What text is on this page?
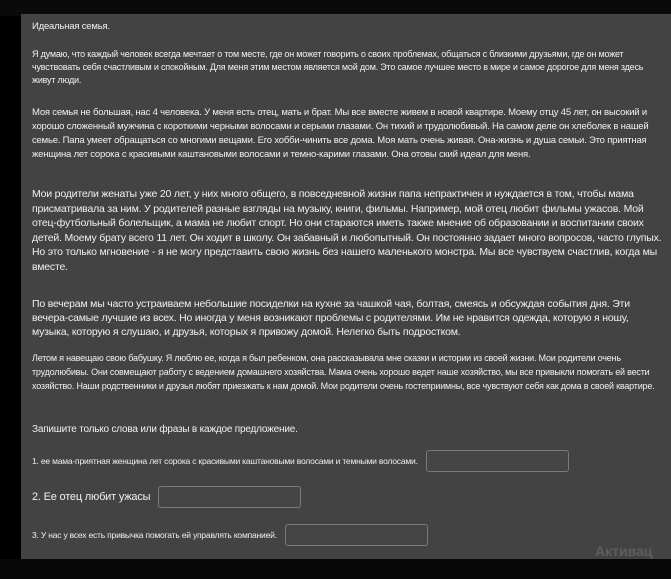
Идеальная семья.

Я думаю, что каждый человек всегда мечтает о том месте, где он может говорить о своих проблемах, общаться с близкими друзьями, где он может чувствовать себя счастливым и спокойным. Для меня этим местом является мой дом. Это самое лучшее место в мире и самое дорогое для меня здесь живут люди.

Моя семья не большая, нас 4 человека. У меня есть отец, мать и брат. Мы все вместе живем в новой квартире. Моему отцу 45 лет, он высокий и хорошо сложенный мужчина с короткими черными волосами и серыми глазами. Он тихий и трудолюбивый. На самом деле он хлеболек в нашей семье. Папа умеет обращаться со многими вещами. Его хобби-чинить все дома. Моя мать очень живая. Она-жизнь и душа семьи. Это приятная женщина лет сорока с красивыми каштановыми волосами и темно-карими глазами. Она отовы ский идеал для меня.

Мои родители женаты уже 20 лет, у них много общего, в повседневной жизни папа непрактичен и нуждается в том, чтобы мама присматривала за ним. У родителей разные взгляды на музыку, книги, фильмы. Например, мой отец любит фильмы ужасов. Мой отец-футбольный болельщик, а мама не любит спорт. Но они стараются иметь также мнение об образовании и воспитании своих детей. Моему брату всего 11 лет. Он ходит в школу. Он забавный и любопытный. Он постоянно задает много вопросов, часто глупых. Но это только мгновение - я не могу представить свою жизнь без нашего маленького монстра. Мы все чувствуем счастлив, когда мы вместе.

По вечерам мы часто устраиваем небольшие посиделки на кухне за чашкой чая, болтая, смеясь и обсуждая события дня. Эти вечера-самые лучшие из всех. Но иногда у меня возникают проблемы с родителями. Им не нравится одежда, которую я ношу, музыка, которую я слушаю, и друзья, которых я привожу домой. Нелегко быть подростком.

Летом я навещаю свою бабушку. Я люблю ее, когда я был ребенком, она рассказывала мне сказки и истории из своей жизни. Мои родители очень трудолюбивы. Они совмещают работу с ведением домашнего хозяйства. Мама очень хорошо ведет наше хозяйство, мы все привыкли помогать ей вести хозяйство. Наши родственники и друзья любят приезжать к нам домой. Мои родители очень гостеприимны, все чувствуют себя как дома в своей квартире.

Запишите только слова или фразы в каждое предложение.

1. ее мама-приятная женщина лет сорока с красивыми каштановыми волосами и темными волосами.
2. Ее отец любит ужасы
3. У нас у всех есть привычка помогать ей управлять компанией.
Активац
